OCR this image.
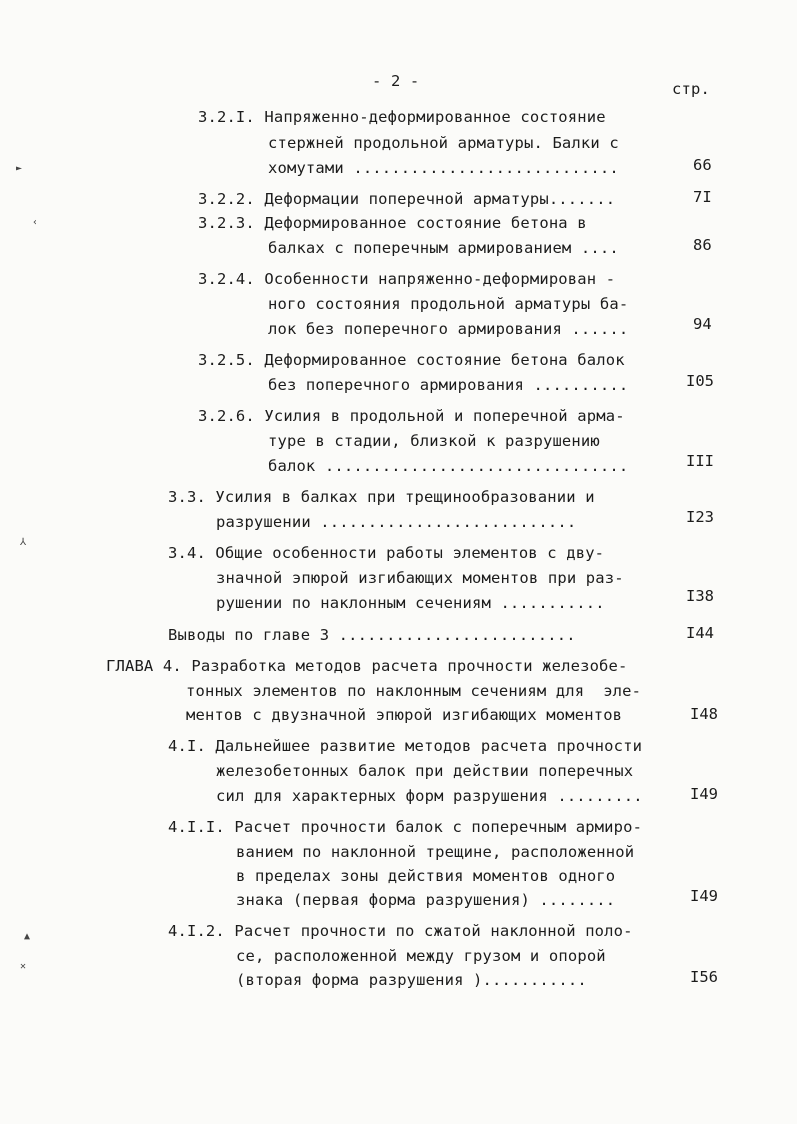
- 2 -	стр.
►
‹
⅄
▲
✕
3.2.I. Напряженно-деформированное состояние
стержней продольной арматуры. Балки с
хомутами ............................	66
3.2.2. Деформации поперечной арматуры.......	7I
3.2.3. Деформированное состояние бетона в
балках с поперечным армированием ....	86
3.2.4. Особенности напряженно-деформирован -
ного состояния продольной арматуры ба-
лок без поперечного армирования ......	94
3.2.5. Деформированное состояние бетона балок
без поперечного армирования ..........	I05
3.2.6. Усилия в продольной и поперечной арма-
туре в стадии, близкой к разрушению
балок ................................	III
3.3. Усилия в балках при трещинообразовании и
разрушении ...........................	I23
3.4. Общие особенности работы элементов с дву-
значной эпюрой изгибающих моментов при раз-
рушении по наклонным сечениям ...........	I38
Выводы по главе 3 .........................	I44
ГЛАВА 4. Разработка методов расчета прочности железобе-
тонных элементов по наклонным сечениям для  эле-
ментов с двузначной эпюрой изгибающих моментов	I48
4.I. Дальнейшее развитие методов расчета прочности
железобетонных балок при действии поперечных
сил для характерных форм разрушения .........	I49
4.I.I. Расчет прочности балок с поперечным армиро-
ванием по наклонной трещине, расположенной
в пределах зоны действия моментов одного
знака (первая форма разрушения) ........	I49
4.I.2. Расчет прочности по сжатой наклонной поло-
се, расположенной между грузом и опорой
(вторая форма разрушения )...........	I56
